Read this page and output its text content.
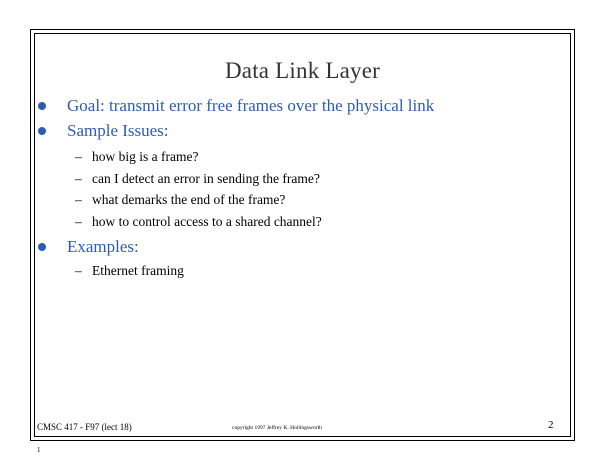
Data Link Layer
Goal: transmit error free frames over the physical link
Sample Issues:
– how big is a frame?
– can I detect an error in sending the frame?
– what demarks the end of the frame?
– how to control access to a shared channel?
Examples:
– Ethernet framing
CMSC 417 - F97 (lect 18)	copyright 1997 Jeffrey K. Hollingsworth	2
1
